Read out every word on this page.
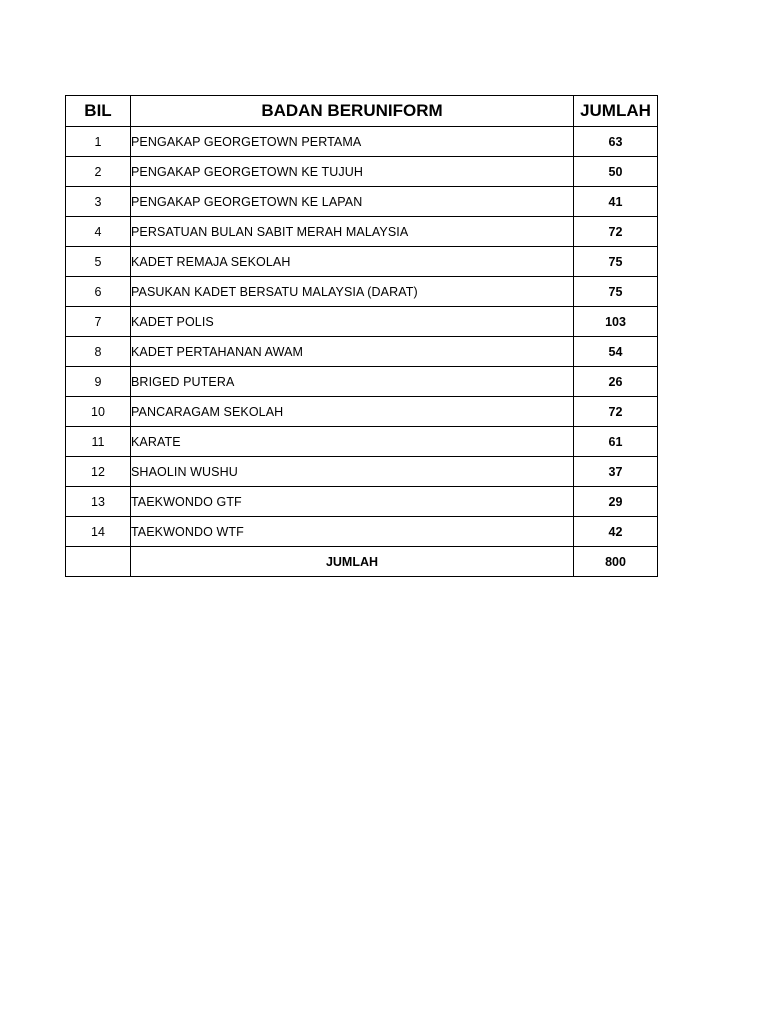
BIL	BADAN BERUNIFORM	JUMLAH
1	PENGAKAP GEORGETOWN PERTAMA	63
2	PENGAKAP GEORGETOWN KE TUJUH	50
3	PENGAKAP GEORGETOWN KE LAPAN	41
4	PERSATUAN BULAN SABIT MERAH MALAYSIA	72
5	KADET REMAJA SEKOLAH	75
6	PASUKAN KADET BERSATU MALAYSIA (DARAT)	75
7	KADET POLIS	103
8	KADET PERTAHANAN AWAM	54
9	BRIGED PUTERA	26
10	PANCARAGAM SEKOLAH	72
11	KARATE	61
12	SHAOLIN WUSHU	37
13	TAEKWONDO GTF	29
14	TAEKWONDO WTF	42
	JUMLAH	800
